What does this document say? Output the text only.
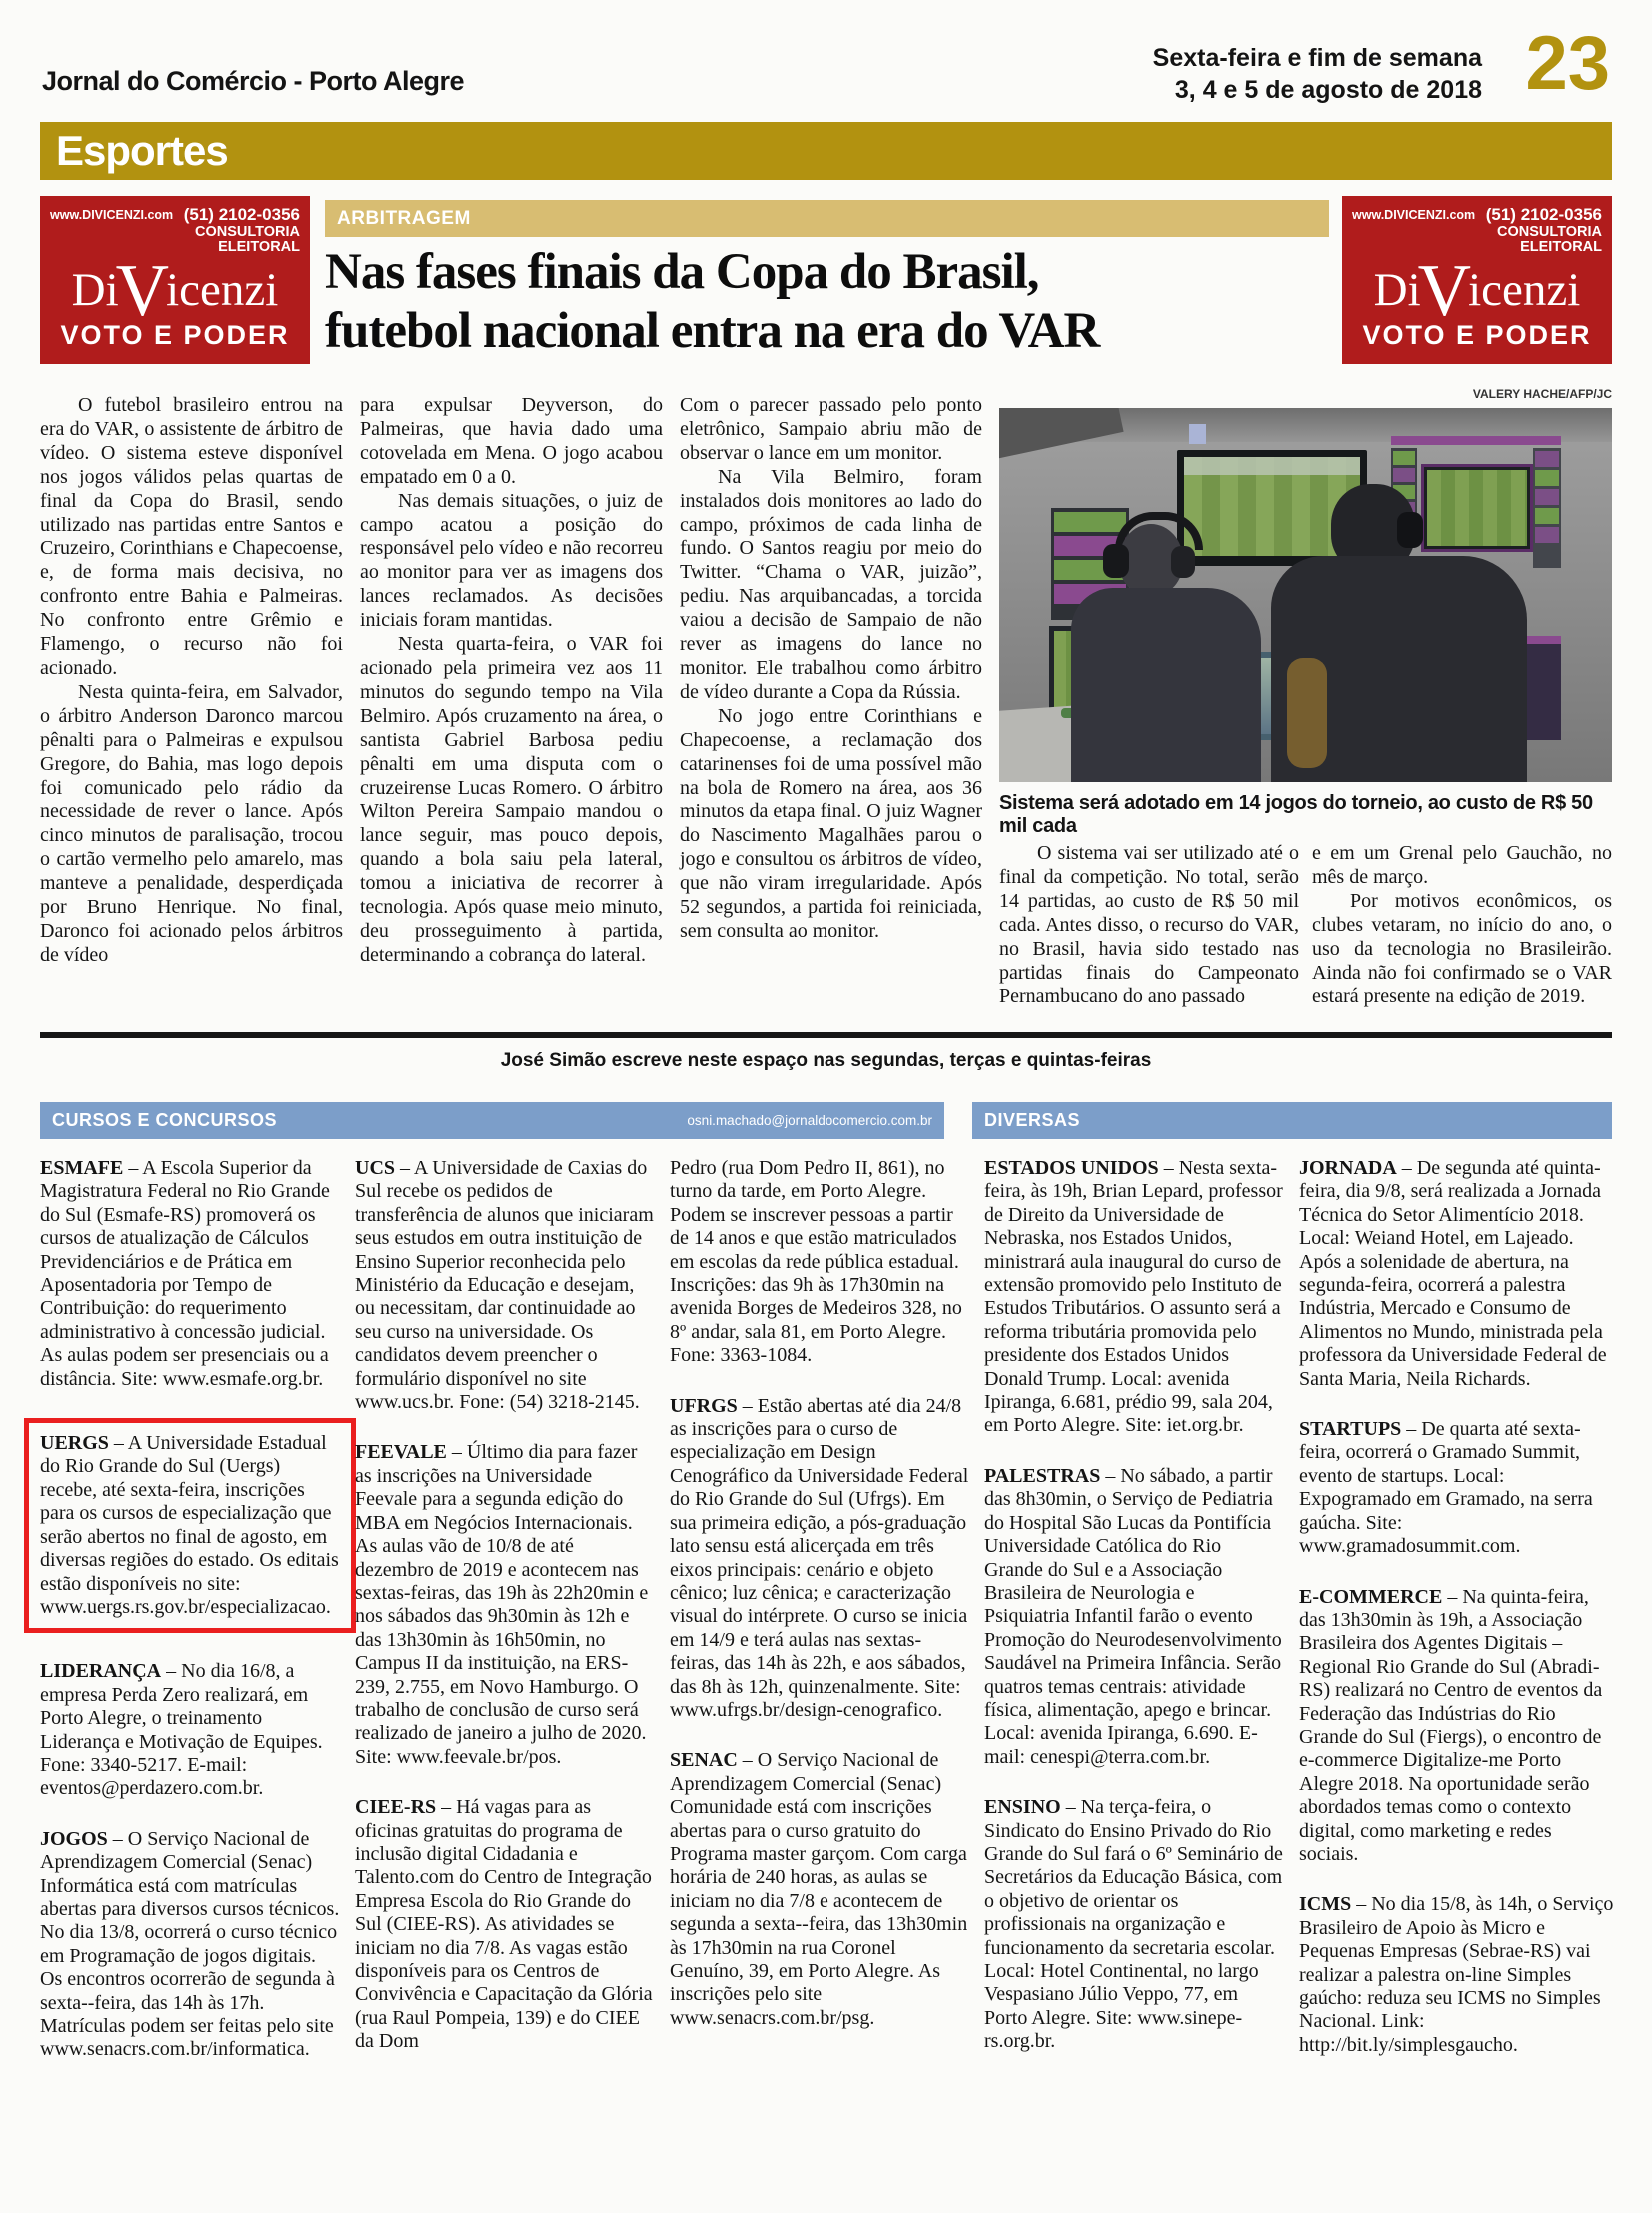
Jornal do Comércio - Porto Alegre
Sexta-feira e fim de semana
3, 4 e 5 de agosto de 2018 23
Esportes
www.DIVICENZI.com (51) 2102-0356
CONSULTORIA
ELEITORAL
DiVicenzi
VOTO E PODER
www.DIVICENZI.com (51) 2102-0356
CONSULTORIA
ELEITORAL
DiVicenzi
VOTO E PODER
ARBITRAGEM
Nas fases finais da Copa do Brasil,
futebol nacional entra na era do VAR

O futebol brasileiro entrou na era do VAR, o assistente de árbitro de vídeo. O sistema esteve disponível nos jogos válidos pelas quartas de final da Copa do Brasil, sendo utilizado nas partidas entre Santos e Cruzeiro, Corinthians e Chapecoense, e, de forma mais decisiva, no confronto entre Bahia e Palmeiras. No confronto entre Grêmio e Flamengo, o recurso não foi acionado.

Nesta quinta-feira, em Salvador, o árbitro Anderson Daronco marcou pênalti para o Palmeiras e expulsou Gregore, do Bahia, mas logo depois foi comunicado pelo rádio da necessidade de rever o lance. Após cinco minutos de paralisação, trocou o cartão vermelho pelo amarelo, mas manteve a penalidade, desperdiçada por Bruno Henrique. No final, Daronco foi acionado pelos árbitros de vídeo

para expulsar Deyverson, do Palmeiras, que havia dado uma cotovelada em Mena. O jogo acabou empatado em 0 a 0.

Nas demais situações, o juiz de campo acatou a posição do responsável pelo vídeo e não recorreu ao monitor para ver as imagens dos lances reclamados. As decisões iniciais foram mantidas.

Nesta quarta-feira, o VAR foi acionado pela primeira vez aos 11 minutos do segundo tempo na Vila Belmiro. Após cruzamento na área, o santista Gabriel Barbosa pediu pênalti em uma disputa com o cruzeirense Lucas Romero. O árbitro Wilton Pereira Sampaio mandou o lance seguir, mas pouco depois, quando a bola saiu pela lateral, tomou a iniciativa de recorrer à tecnologia. Após quase meio minuto, deu prosseguimento à partida, determinando a cobrança do lateral.

Com o parecer passado pelo ponto eletrônico, Sampaio abriu mão de observar o lance em um monitor.

Na Vila Belmiro, foram instalados dois monitores ao lado do campo, próximos de cada linha de fundo. O Santos reagiu por meio do Twitter. “Chama o VAR, juizão”, pediu. Nas arquibancadas, a torcida vaiou a decisão de Sampaio de não rever as imagens do lance no monitor. Ele trabalhou como árbitro de vídeo durante a Copa da Rússia.

No jogo entre Corinthians e Chapecoense, a reclamação dos catarinenses foi de uma possível mão na bola de Romero na área, aos 36 minutos da etapa final. O juiz Wagner do Nascimento Magalhães parou o jogo e consultou os árbitros de vídeo, que não viram irregularidade. Após 52 segundos, a partida foi reiniciada, sem consulta ao monitor.

VALERY HACHE/AFP/JC
Sistema será adotado em 14 jogos do torneio, ao custo de R$ 50 mil cada

O sistema vai ser utilizado até o final da competição. No total, serão 14 partidas, ao custo de R$ 50 mil cada. Antes disso, o recurso do VAR, no Brasil, havia sido testado nas partidas finais do Campeonato Pernambucano do ano passado

e em um Grenal pelo Gauchão, no mês de março.

Por motivos econômicos, os clubes vetaram, no início do ano, o uso da tecnologia no Brasileirão. Ainda não foi confirmado se o VAR estará presente na edição de 2019.

José Simão escreve neste espaço nas segundas, terças e quintas-feiras
CURSOS E CONCURSOS	osni.machado@jornaldocomercio.com.br	DIVERSAS

ESMAFE – A Escola Superior da Magistratura Federal no Rio Grande do Sul (Esmafe-RS) promoverá os cursos de atualização de Cálculos Previdenciários e de Prática em Aposentadoria por Tempo de Contribuição: do requerimento administrativo à concessão judicial. As aulas podem ser presenciais ou a distância. Site: www.esmafe.org.br.

UERGS – A Universidade Estadual do Rio Grande do Sul (Uergs) recebe, até sexta-feira, inscrições para os cursos de especialização que serão abertos no final de agosto, em diversas regiões do estado. Os editais estão disponíveis no site: www.uergs.rs.gov.br/especializacao.

LIDERANÇA – No dia 16/8, a empresa Perda Zero realizará, em Porto Alegre, o treinamento Liderança e Motivação de Equipes. Fone: 3340-5217. E-mail: eventos@perdazero.com.br.

JOGOS – O Serviço Nacional de Aprendizagem Comercial (Senac) Informática está com matrículas abertas para diversos cursos técnicos. No dia 13/8, ocorrerá o curso técnico em Programação de jogos digitais. Os encontros ocorrerão de segunda à sexta--feira, das 14h às 17h. Matrículas podem ser feitas pelo site www.senacrs.com.br/informatica.

UCS – A Universidade de Caxias do Sul recebe os pedidos de transferência de alunos que iniciaram seus estudos em outra instituição de Ensino Superior reconhecida pelo Ministério da Educação e desejam, ou necessitam, dar continuidade ao seu curso na universidade. Os candidatos devem preencher o formulário disponível no site www.ucs.br. Fone: (54) 3218-2145.

FEEVALE – Último dia para fazer as inscrições na Universidade Feevale para a segunda edição do MBA em Negócios Internacionais. As aulas vão de 10/8 de até dezembro de 2019 e acontecem nas sextas-feiras, das 19h às 22h20min e nos sábados das 9h30min às 12h e das 13h30min às 16h50min, no Campus II da instituição, na ERS-239, 2.755, em Novo Hamburgo. O trabalho de conclusão de curso será realizado de janeiro a julho de 2020. Site: www.feevale.br/pos.

CIEE-RS – Há vagas para as oficinas gratuitas do programa de inclusão digital Cidadania e Talento.com do Centro de Integração Empresa Escola do Rio Grande do Sul (CIEE-RS). As atividades se iniciam no dia 7/8. As vagas estão disponíveis para os Centros de Convivência e Capacitação da Glória (rua Raul Pompeia, 139) e do CIEE da Dom

Pedro (rua Dom Pedro II, 861), no turno da tarde, em Porto Alegre. Podem se inscrever pessoas a partir de 14 anos e que estão matriculados em escolas da rede pública estadual. Inscrições: das 9h às 17h30min na avenida Borges de Medeiros 328, no 8º andar, sala 81, em Porto Alegre. Fone: 3363-1084.

UFRGS – Estão abertas até dia 24/8 as inscrições para o curso de especialização em Design Cenográfico da Universidade Federal do Rio Grande do Sul (Ufrgs). Em sua primeira edição, a pós-graduação lato sensu está alicerçada em três eixos principais: cenário e objeto cênico; luz cênica; e caracterização visual do intérprete. O curso se inicia em 14/9 e terá aulas nas sextas-feiras, das 14h às 22h, e aos sábados, das 8h às 12h, quinzenalmente. Site: www.ufrgs.br/design-cenografico.

SENAC – O Serviço Nacional de Aprendizagem Comercial (Senac) Comunidade está com inscrições abertas para o curso gratuito do Programa master garçom. Com carga horária de 240 horas, as aulas se iniciam no dia 7/8 e acontecem de segunda a sexta--feira, das 13h30min às 17h30min na rua Coronel Genuíno, 39, em Porto Alegre. As inscrições pelo site www.senacrs.com.br/psg.

ESTADOS UNIDOS – Nesta sexta-feira, às 19h, Brian Lepard, professor de Direito da Universidade de Nebraska, nos Estados Unidos, ministrará aula inaugural do curso de extensão promovido pelo Instituto de Estudos Tributários. O assunto será a reforma tributária promovida pelo presidente dos Estados Unidos Donald Trump. Local: avenida Ipiranga, 6.681, prédio 99, sala 204, em Porto Alegre. Site: iet.org.br.

PALESTRAS – No sábado, a partir das 8h30min, o Serviço de Pediatria do Hospital São Lucas da Pontifícia Universidade Católica do Rio Grande do Sul e a Associação Brasileira de Neurologia e Psiquiatria Infantil farão o evento Promoção do Neurodesenvolvimento Saudável na Primeira Infância. Serão quatros temas centrais: atividade física, alimentação, apego e brincar. Local: avenida Ipiranga, 6.690. E-mail: cenespi@terra.com.br.

ENSINO – Na terça-feira, o Sindicato do Ensino Privado do Rio Grande do Sul fará o 6º Seminário de Secretários da Educação Básica, com o objetivo de orientar os profissionais na organização e funcionamento da secretaria escolar. Local: Hotel Continental, no largo Vespasiano Júlio Veppo, 77, em Porto Alegre. Site: www.sinepe-rs.org.br.

JORNADA – De segunda até quinta-feira, dia 9/8, será realizada a Jornada Técnica do Setor Alimentício 2018. Local: Weiand Hotel, em Lajeado. Após a solenidade de abertura, na segunda-feira, ocorrerá a palestra Indústria, Mercado e Consumo de Alimentos no Mundo, ministrada pela professora da Universidade Federal de Santa Maria, Neila Richards.

STARTUPS – De quarta até sexta-feira, ocorrerá o Gramado Summit, evento de startups. Local: Expogramado em Gramado, na serra gaúcha. Site: www.gramadosummit.com.

E-COMMERCE – Na quinta-feira, das 13h30min às 19h, a Associação Brasileira dos Agentes Digitais – Regional Rio Grande do Sul (Abradi-RS) realizará no Centro de eventos da Federação das Indústrias do Rio Grande do Sul (Fiergs), o encontro de e-commerce Digitalize-me Porto Alegre 2018. Na oportunidade serão abordados temas como o contexto digital, como marketing e redes sociais.

ICMS – No dia 15/8, às 14h, o Serviço Brasileiro de Apoio às Micro e Pequenas Empresas (Sebrae-RS) vai realizar a palestra on-line Simples gaúcho: reduza seu ICMS no Simples Nacional. Link: http://bit.ly/simplesgaucho.
